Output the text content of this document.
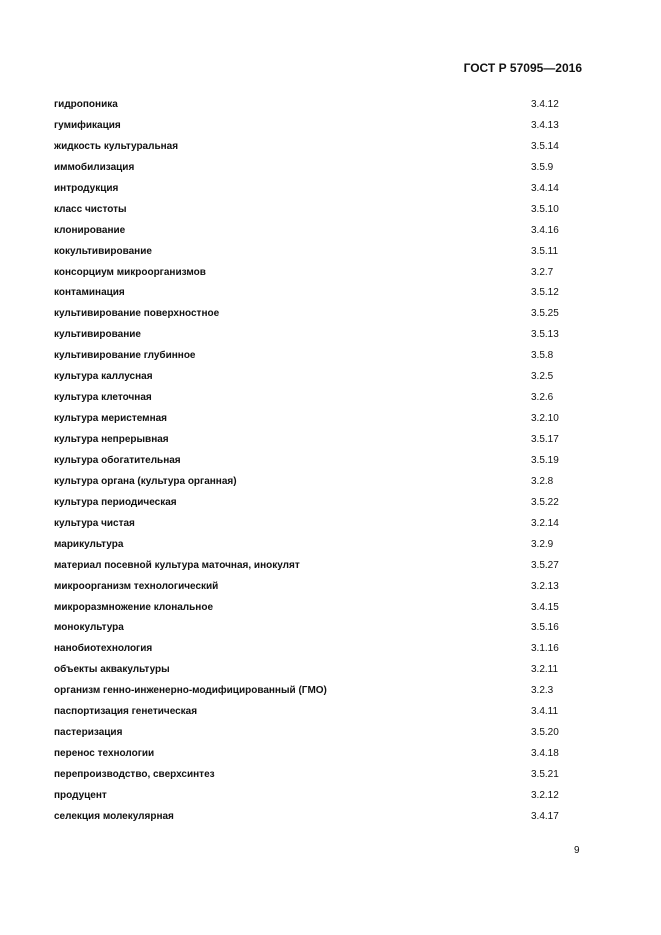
ГОСТ Р 57095—2016
гидропоника	3.4.12
гумификация	3.4.13
жидкость культуральная	3.5.14
иммобилизация	3.5.9
интродукция	3.4.14
класс чистоты	3.5.10
клонирование	3.4.16
кокультивирование	3.5.11
консорциум микроорганизмов	3.2.7
контаминация	3.5.12
культивирование поверхностное	3.5.25
культивирование	3.5.13
культивирование глубинное	3.5.8
культура каллусная	3.2.5
культура клеточная	3.2.6
культура меристемная	3.2.10
культура непрерывная	3.5.17
культура обогатительная	3.5.19
культура органа (культура органная)	3.2.8
культура периодическая	3.5.22
культура чистая	3.2.14
марикультура	3.2.9
материал посевной культура маточная, инокулят	3.5.27
микроорганизм технологический	3.2.13
микроразмножение клональное	3.4.15
монокультура	3.5.16
нанобиотехнология	3.1.16
объекты аквакультуры	3.2.11
организм генно-инженерно-модифицированный (ГМО)	3.2.3
паспортизация генетическая	3.4.11
пастеризация	3.5.20
перенос технологии	3.4.18
перепроизводство, сверхсинтез	3.5.21
продуцент	3.2.12
селекция молекулярная	3.4.17
9
